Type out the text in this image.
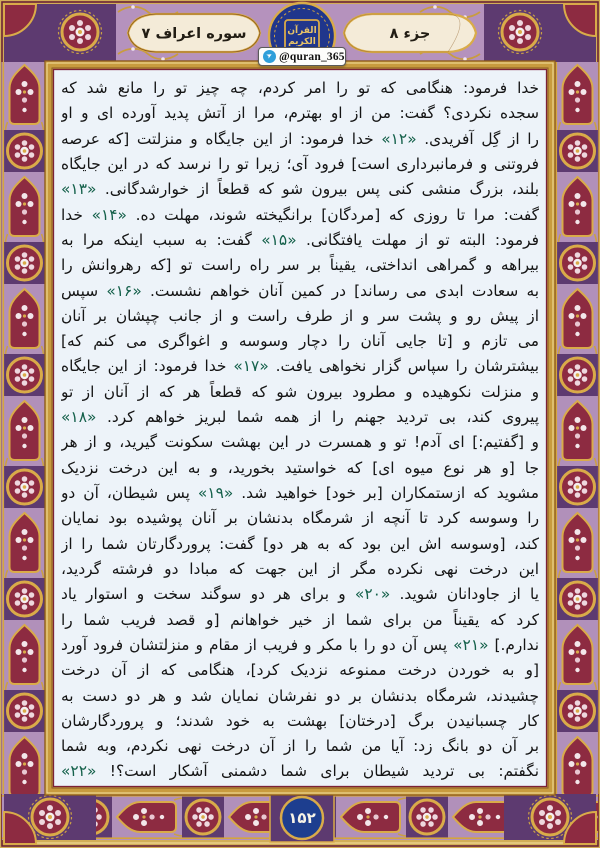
سوره اعراف ۷	جزء ۸
القرآن
الكريم
➤ @quran_365
خدا فرمود: هنگامی که تو را امر کردم، چه چیز تو را مانع شد که
سجده نکردی؟ گفت: من از او بهترم، مرا از آتش پدید آورده ای و او
را از گِل آفریدی. «۱۲» خدا فرمود: از این جایگاه و منزلتت [که عرصه
فروتنی و فرمانبرداری است] فرود آی؛ زیرا تو را نرسد که در این جایگاه
بلند، بزرگ منشی کنی پس بیرون شو که قطعاً از خوارشدگانی. «۱۳»
گفت: مرا تا روزی که [مردگان] برانگیخته شوند، مهلت ده. «۱۴» خدا
فرمود: البته تو از مهلت یافتگانی. «۱۵» گفت: به سبب اینکه مرا به
بیراهه و گمراهی انداختی، یقیناً بر سر راه راست تو [که رهروانش را
به سعادت ابدی می رساند] در کمین آنان خواهم نشست. «۱۶» سپس
از پیش رو و پشت سر و از طرف راست و از جانب چپشان بر آنان
می تازم و [تا جایی آنان را دچار وسوسه و اغواگری می کنم که]
بیشترشان را سپاس گزار نخواهی یافت. «۱۷» خدا فرمود: از این جایگاه
و منزلت نکوهیده و مطرود بیرون شو که قطعاً هر که از آنان از تو
پیروی کند، بی تردید جهنم را از همه شما لبریز خواهم کرد. «۱۸»
و [گفتیم:] ای آدم! تو و همسرت در این بهشت سکونت گیرید، و از هر
جا [و هر نوع میوه ای] که خواستید بخورید، و به این درخت نزدیک
مشوید که ازستمکاران [بر خود] خواهید شد. «۱۹» پس شیطان، آن دو
را وسوسه کرد تا آنچه از شرمگاه بدنشان بر آنان پوشیده بود نمایان
کند، [وسوسه اش این بود که به هر دو] گفت: پروردگارتان شما را از
این درخت نهی نکرده مگر از این جهت که مبادا دو فرشته گردید،
یا از جاودانان شوید. «۲۰» و برای هر دو سوگند سخت و استوار یاد
کرد که یقیناً من برای شما از خیر خواهانم [و قصد فریب شما را
ندارم.] «۲۱» پس آن دو را با مکر و فریب از مقام و منزلتشان فرود آورد
[و به خوردن درخت ممنوعه نزدیک کرد]، هنگامی که از آن درخت
چشیدند، شرمگاه بدنشان بر دو نفرشان نمایان شد و هر دو دست به
کار چسبانیدن برگ [درختان] بهشت به خود شدند؛ و پروردگارشان
بر آن دو بانگ زد: آیا من شما را از آن درخت نهی نکردم، وبه شما
نگفتم: بی تردید شیطان برای شما دشمنی آشکار است؟! «۲۲»
۱۵۲
